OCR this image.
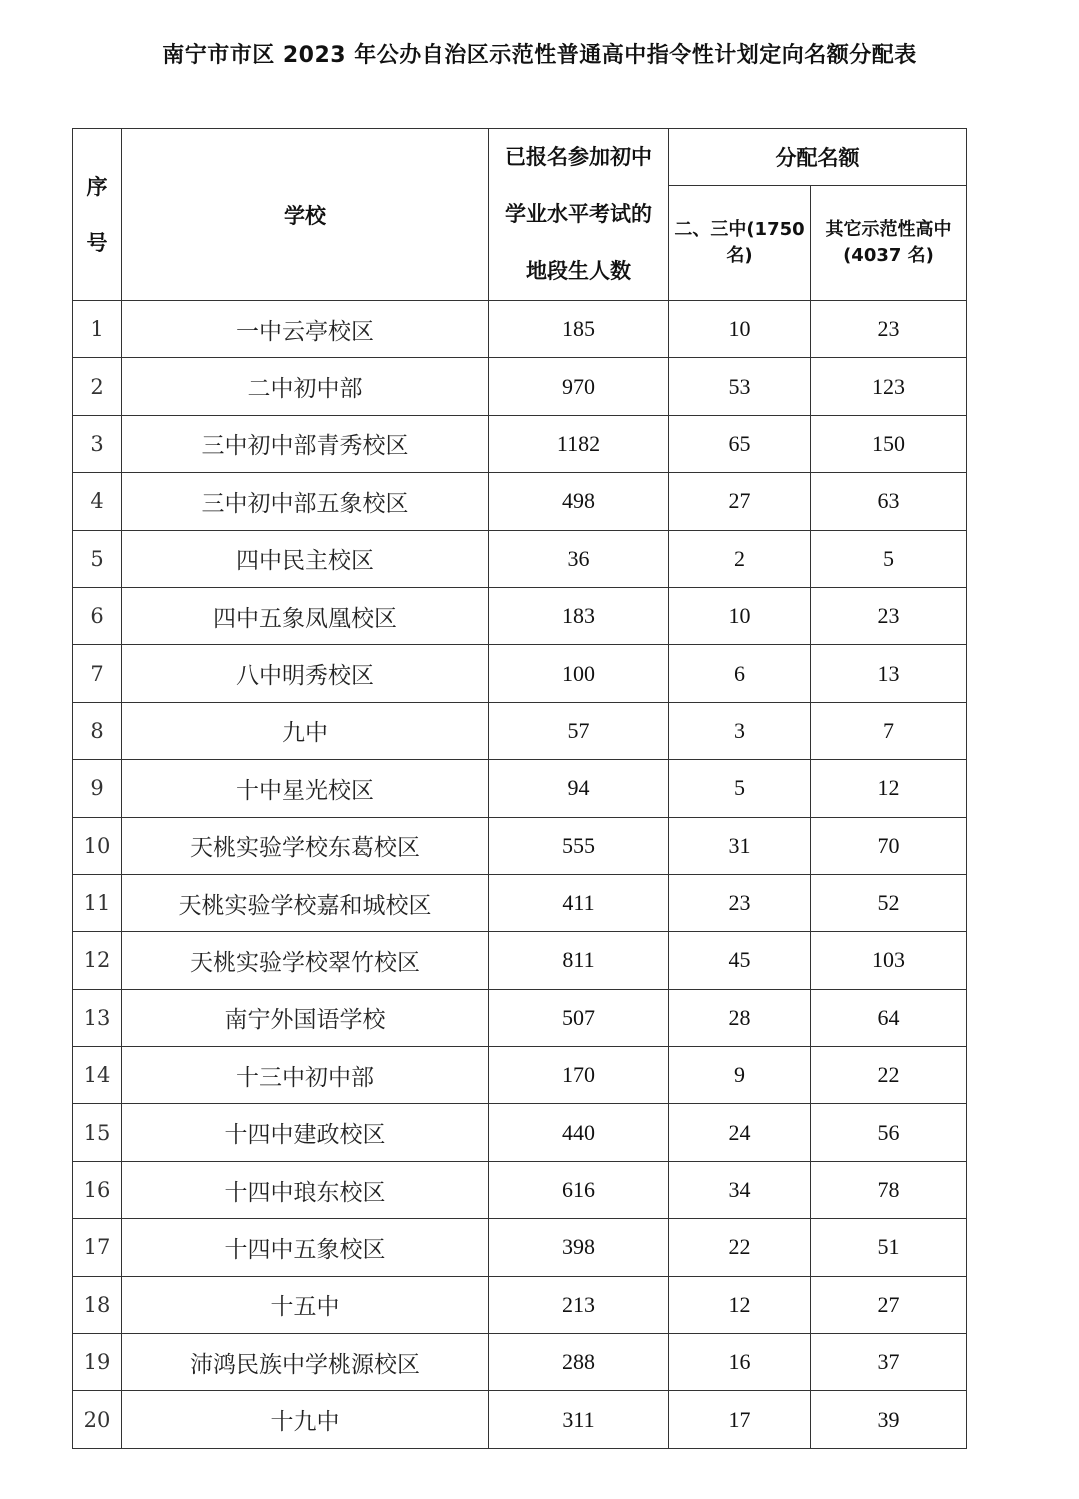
南宁市市区 2023 年公办自治区示范性普通高中指令性计划定向名额分配表
序号	学校	已报名参加初中
学业水平考试的
地段生人数	分配名额	

			二、三中(1750 名)	其它示范性高中(4037 名)

1	一中云亭校区	185	10	23
2	二中初中部	970	53	123
3	三中初中部青秀校区	1182	65	150
4	三中初中部五象校区	498	27	63
5	四中民主校区	36	2	5
6	四中五象凤凰校区	183	10	23
7	八中明秀校区	100	6	13
8	九中	57	3	7
9	十中星光校区	94	5	12
10	天桃实验学校东葛校区	555	31	70
11	天桃实验学校嘉和城校区	411	23	52
12	天桃实验学校翠竹校区	811	45	103
13	南宁外国语学校	507	28	64
14	十三中初中部	170	9	22
15	十四中建政校区	440	24	56
16	十四中琅东校区	616	34	78
17	十四中五象校区	398	22	51
18	十五中	213	12	27
19	沛鸿民族中学桃源校区	288	16	37
20	十九中	311	17	39
